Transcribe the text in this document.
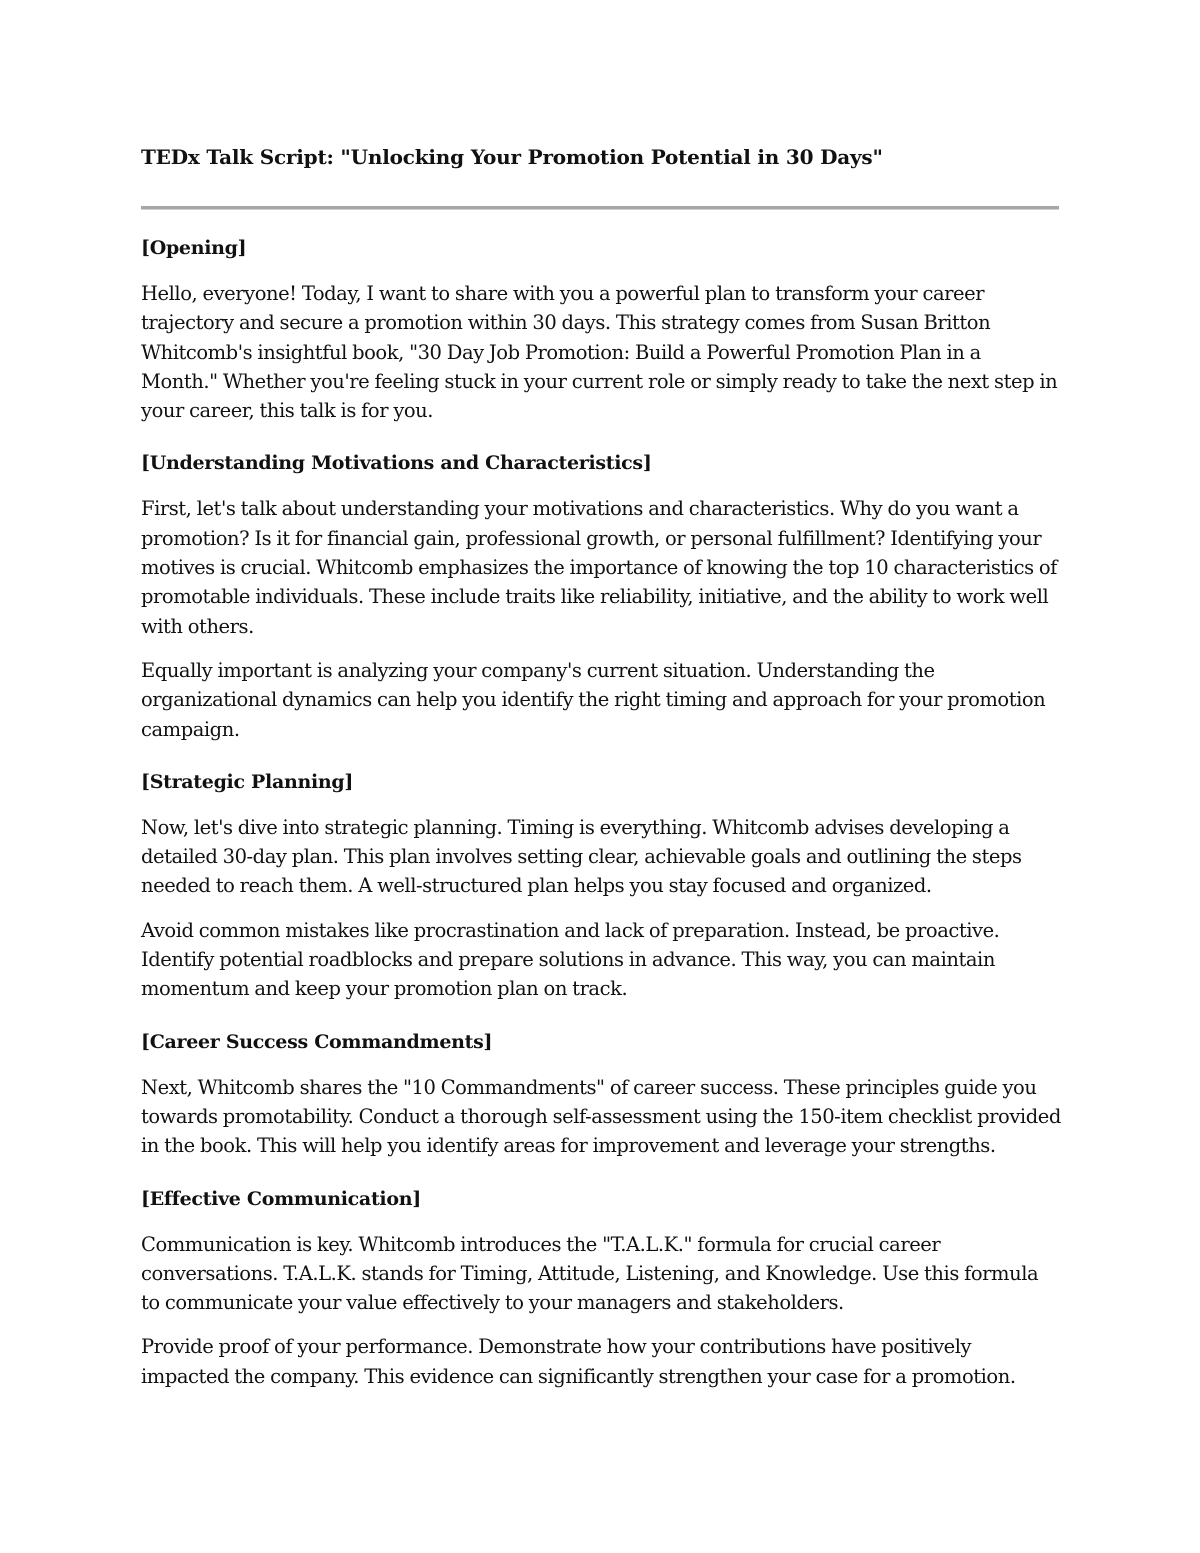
TEDx Talk Script: "Unlocking Your Promotion Potential in 30 Days"
[Opening]

Hello, everyone! Today, I want to share with you a powerful plan to transform your career trajectory and secure a promotion within 30 days. This strategy comes from Susan Britton Whitcomb's insightful book, "30 Day Job Promotion: Build a Powerful Promotion Plan in a Month." Whether you're feeling stuck in your current role or simply ready to take the next step in your career, this talk is for you.

[Understanding Motivations and Characteristics]

First, let's talk about understanding your motivations and characteristics. Why do you want a promotion? Is it for financial gain, professional growth, or personal fulfillment? Identifying your motives is crucial. Whitcomb emphasizes the importance of knowing the top 10 characteristics of promotable individuals. These include traits like reliability, initiative, and the ability to work well with others.

Equally important is analyzing your company's current situation. Understanding the organizational dynamics can help you identify the right timing and approach for your promotion campaign.

[Strategic Planning]

Now, let's dive into strategic planning. Timing is everything. Whitcomb advises developing a detailed 30-day plan. This plan involves setting clear, achievable goals and outlining the steps needed to reach them. A well-structured plan helps you stay focused and organized.

Avoid common mistakes like procrastination and lack of preparation. Instead, be proactive. Identify potential roadblocks and prepare solutions in advance. This way, you can maintain momentum and keep your promotion plan on track.

[Career Success Commandments]

Next, Whitcomb shares the "10 Commandments" of career success. These principles guide you towards promotability. Conduct a thorough self-assessment using the 150-item checklist provided in the book. This will help you identify areas for improvement and leverage your strengths.

[Effective Communication]

Communication is key. Whitcomb introduces the "T.A.L.K." formula for crucial career conversations. T.A.L.K. stands for Timing, Attitude, Listening, and Knowledge. Use this formula to communicate your value effectively to your managers and stakeholders.

Provide proof of your performance. Demonstrate how your contributions have positively impacted the company. This evidence can significantly strengthen your case for a promotion.
